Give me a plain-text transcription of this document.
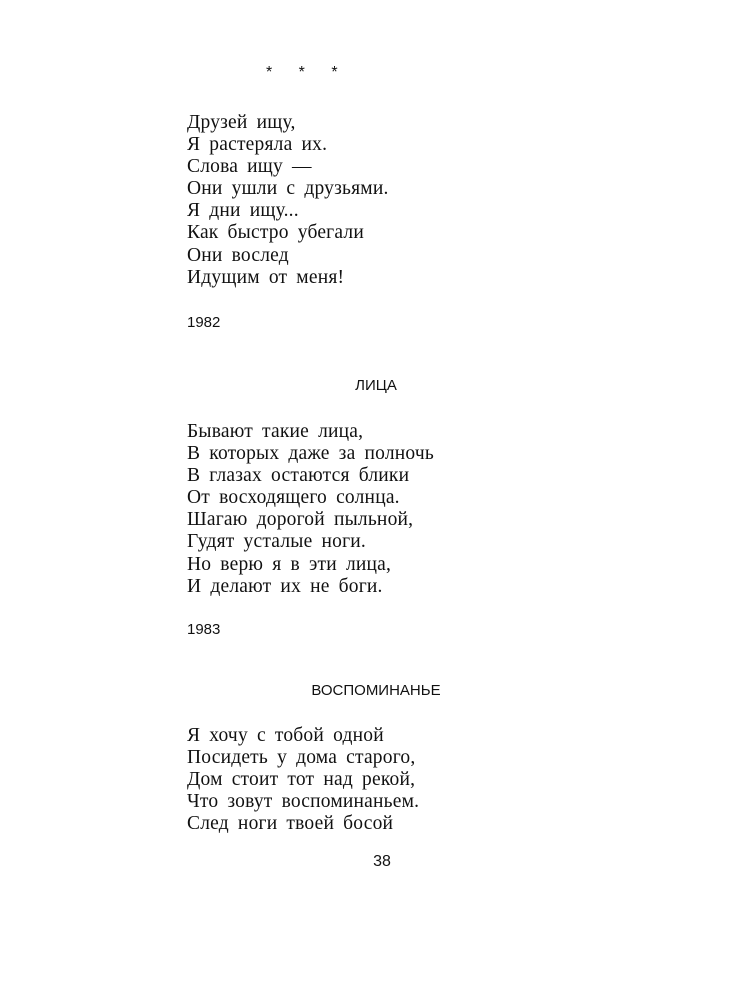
* * *
Друзей ищу,
Я растеряла их.
Слова ищу —
Они ушли с друзьями.
Я дни ищу...
Как быстро убегали
Они вослед
Идущим от меня!
1982
ЛИЦА
Бывают такие лица,
В которых даже за полночь
В глазах остаются блики
От восходящего солнца.
Шагаю дорогой пыльной,
Гудят усталые ноги.
Но верю я в эти лица,
И делают их не боги.
1983
ВОСПОМИНАНЬЕ
Я хочу с тобой одной
Посидеть у дома старого,
Дом стоит тот над рекой,
Что зовут воспоминаньем.
След ноги твоей босой
38
